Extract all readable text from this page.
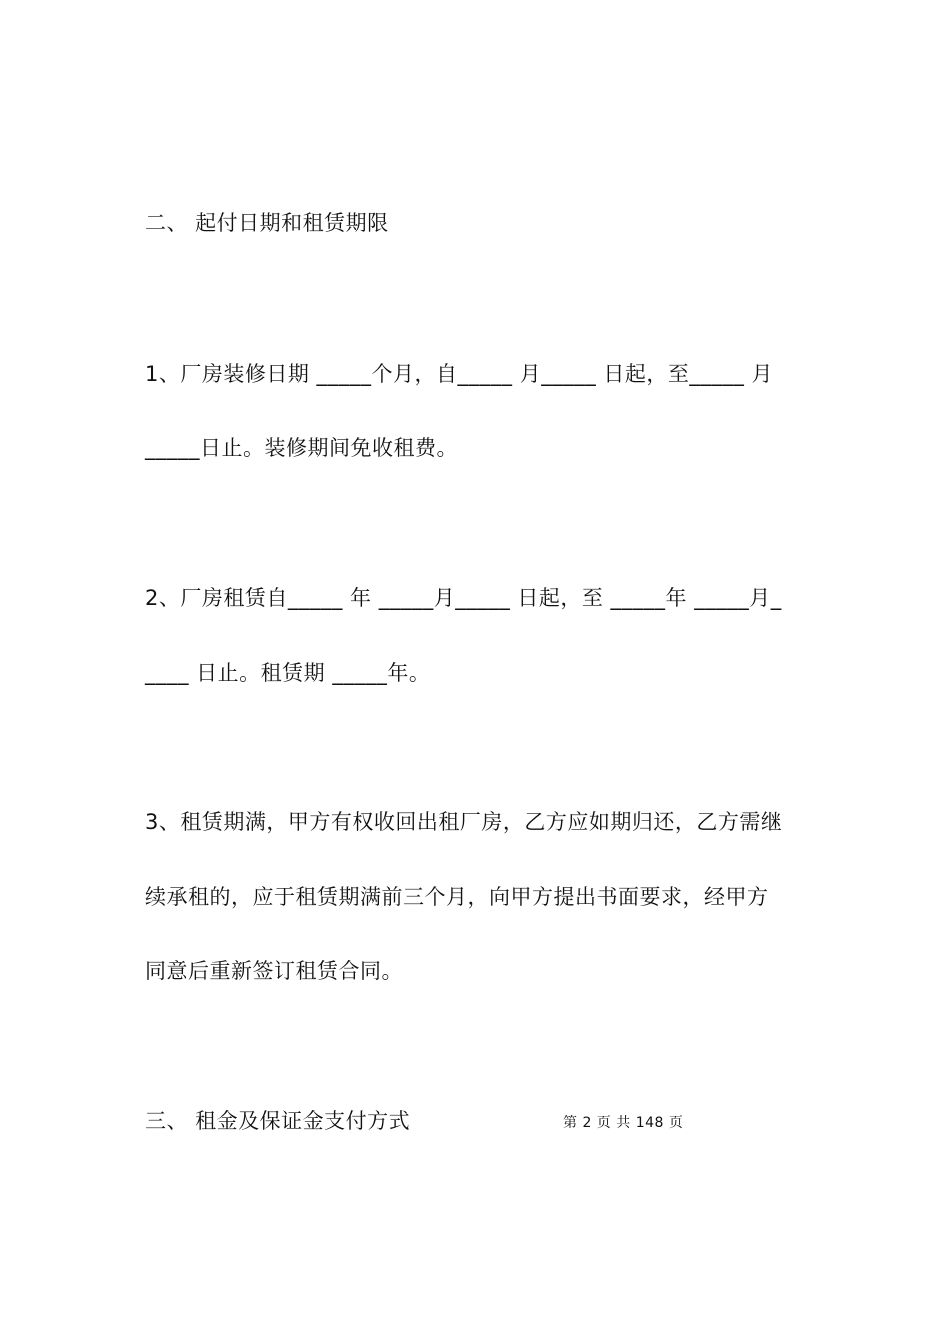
二、 起付日期和租赁期限
1、厂房装修日期 _____个月，自_____ 月_____ 日起，至_____ 月
_____日止。装修期间免收租费。
2、厂房租赁自_____ 年 _____月_____ 日起，至 _____年 _____月_
____ 日止。租赁期 _____年。
3、租赁期满，甲方有权收回出租厂房，乙方应如期归还，乙方需继
续承租的，应于租赁期满前三个月，向甲方提出书面要求，经甲方
同意后重新签订租赁合同。
三、 租金及保证金支付方式	第 2 页 共 148 页
